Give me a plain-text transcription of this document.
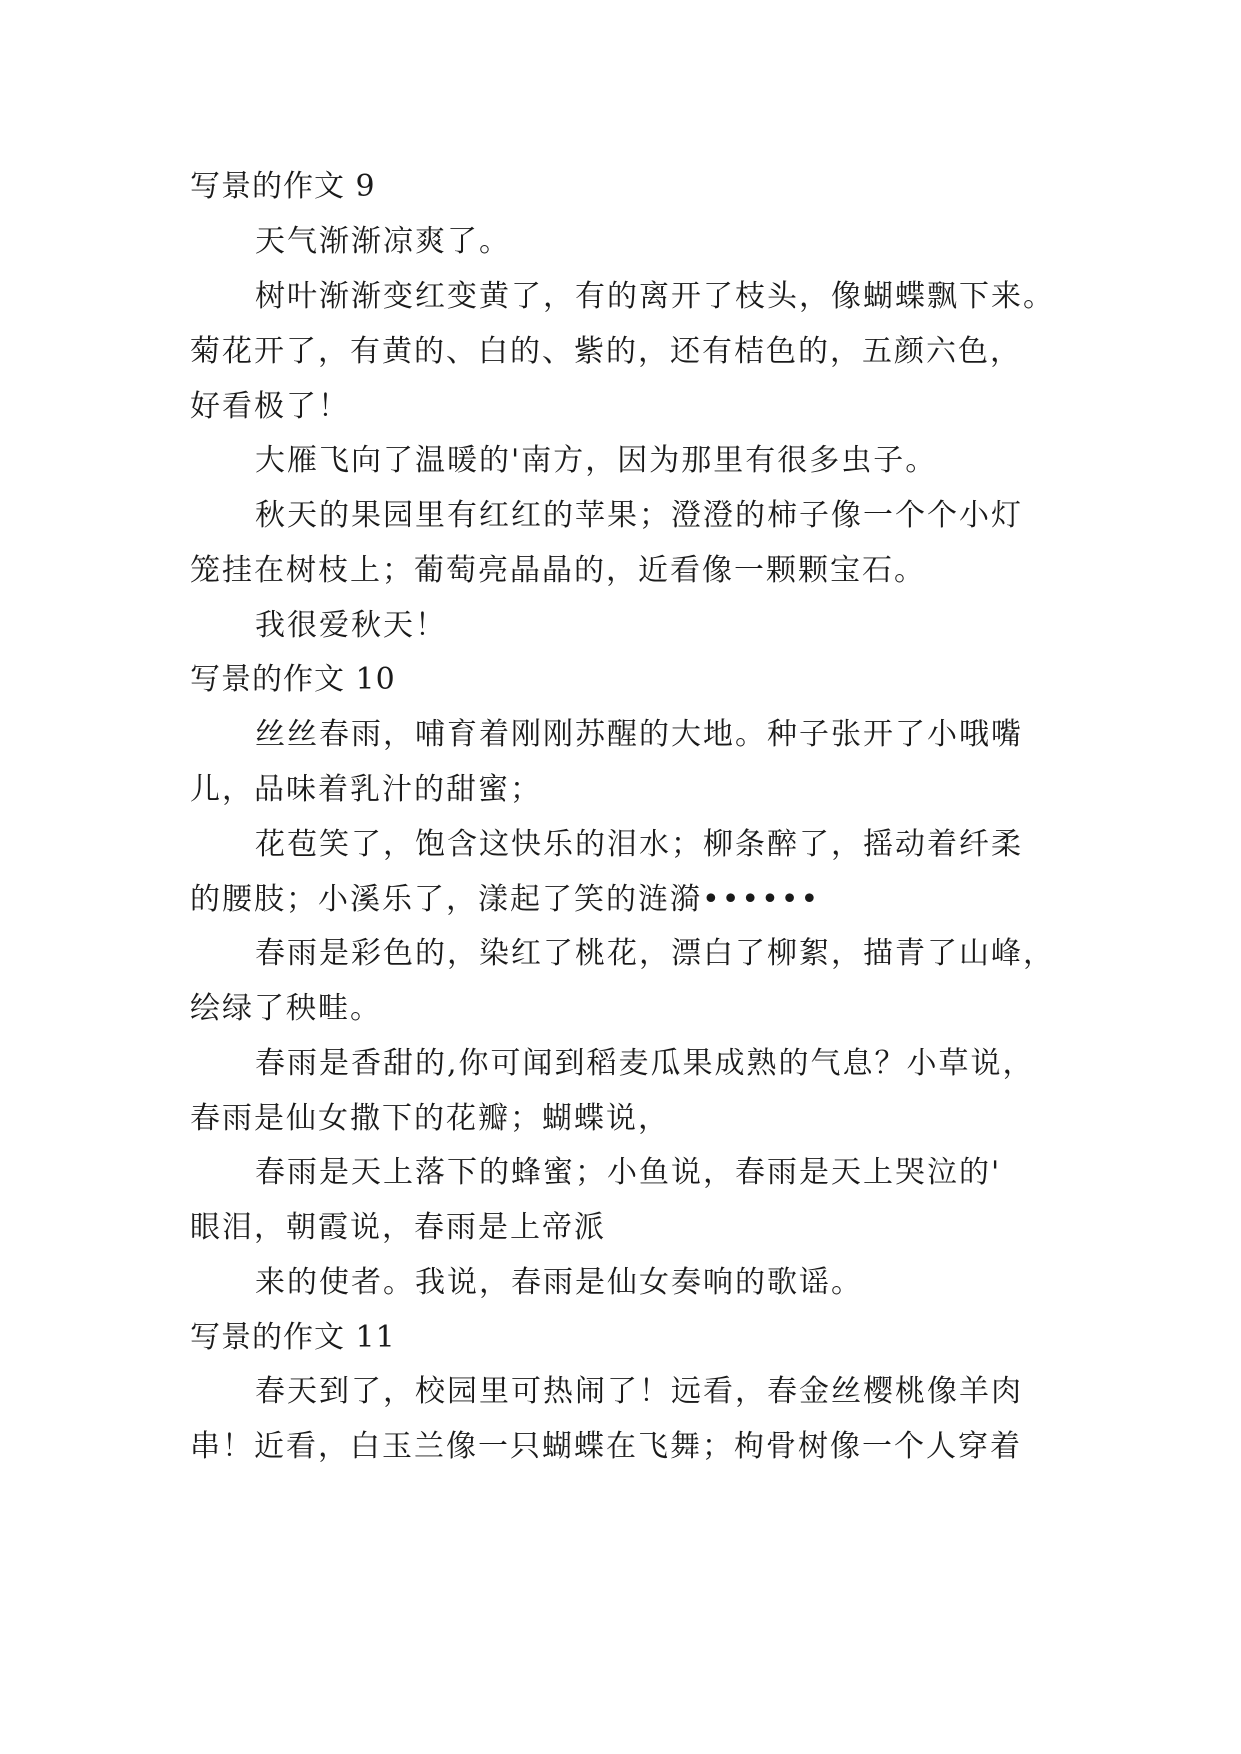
写景的作文 9
天气渐渐凉爽了。
树叶渐渐变红变黄了，有的离开了枝头，像蝴蝶飘下来。
菊花开了，有黄的、白的、紫的，还有桔色的，五颜六色，
好看极了！
大雁飞向了温暖的'南方，因为那里有很多虫子。
秋天的果园里有红红的苹果；澄澄的柿子像一个个小灯
笼挂在树枝上；葡萄亮晶晶的，近看像一颗颗宝石。
我很爱秋天！
写景的作文 10
丝丝春雨，哺育着刚刚苏醒的大地。种子张开了小哦嘴
儿，品味着乳汁的甜蜜；
花苞笑了，饱含这快乐的泪水；柳条醉了，摇动着纤柔
的腰肢；小溪乐了，漾起了笑的涟漪••••••
春雨是彩色的，染红了桃花，漂白了柳絮，描青了山峰，
绘绿了秧畦。
春雨是香甜的,你可闻到稻麦瓜果成熟的气息？小草说，
春雨是仙女撒下的花瓣；蝴蝶说，
春雨是天上落下的蜂蜜；小鱼说，春雨是天上哭泣的'
眼泪，朝霞说，春雨是上帝派
来的使者。我说，春雨是仙女奏响的歌谣。
写景的作文 11
春天到了，校园里可热闹了！远看，春金丝樱桃像羊肉
串！近看，白玉兰像一只蝴蝶在飞舞；枸骨树像一个人穿着
